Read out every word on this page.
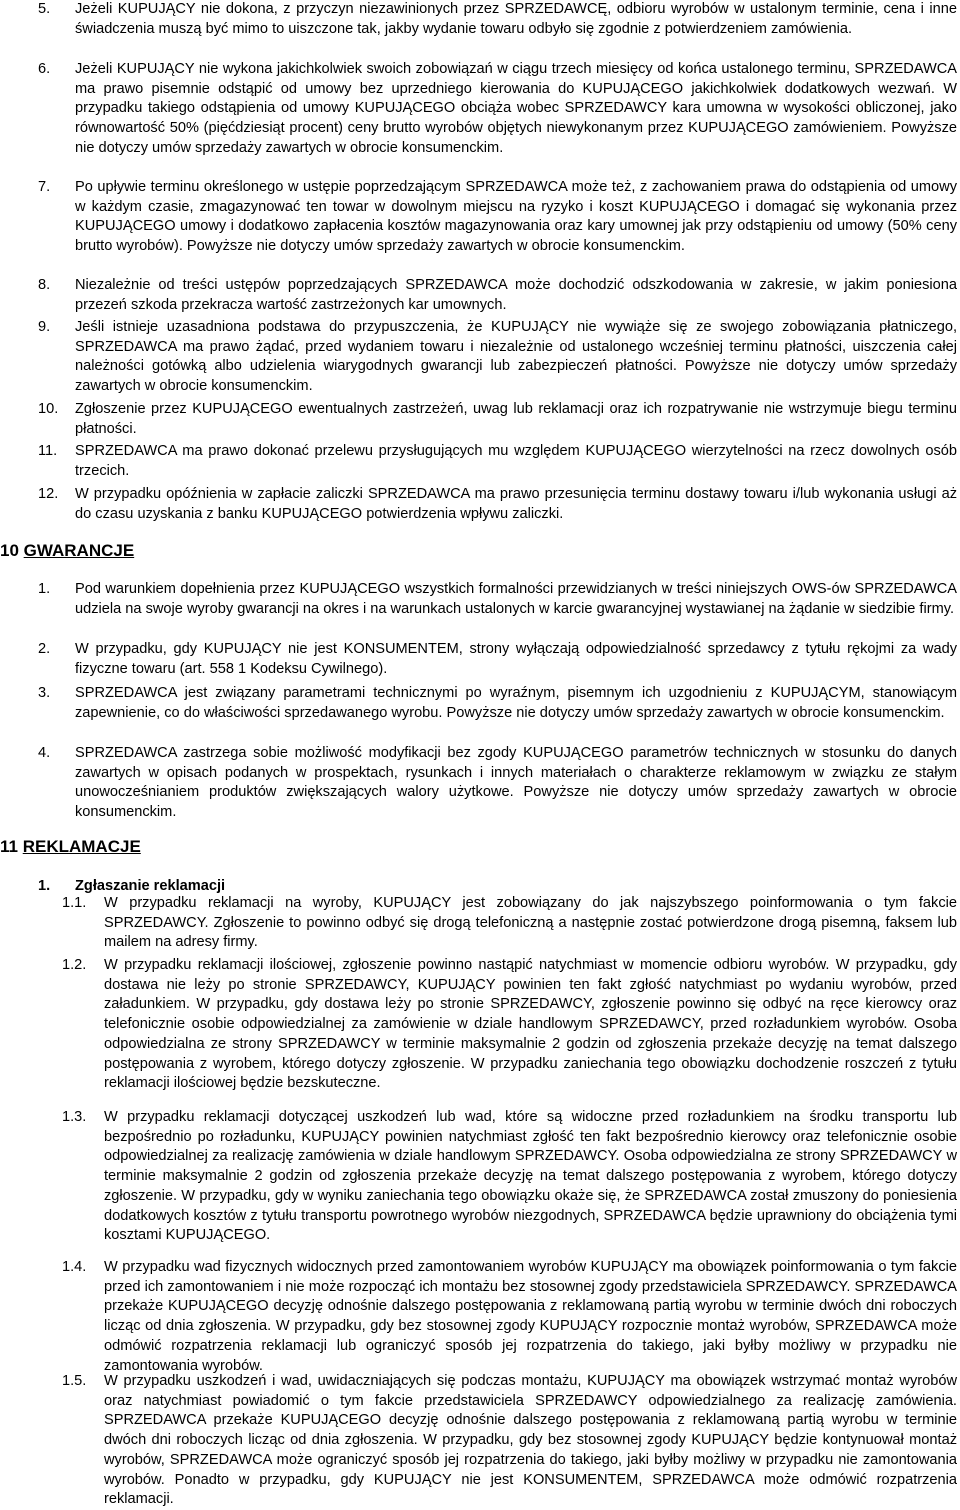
5. Jeżeli KUPUJĄCY nie dokona, z przyczyn niezawinionych przez SPRZEDAWCĘ, odbioru wyrobów w ustalonym terminie, cena i inne świadczenia muszą być mimo to uiszczone tak, jakby wydanie towaru odbyło się zgodnie z potwierdzeniem zamówienia.
6. Jeżeli KUPUJĄCY nie wykona jakichkolwiek swoich zobowiązań w ciągu trzech miesięcy od końca ustalonego terminu, SPRZEDAWCA ma prawo pisemnie odstąpić od umowy bez uprzedniego kierowania do KUPUJĄCEGO jakichkolwiek dodatkowych wezwań. W przypadku takiego odstąpienia od umowy KUPUJĄCEGO obciąża wobec SPRZEDAWCY kara umowna w wysokości obliczonej, jako równowartość 50% (pięćdziesiąt procent) ceny brutto wyrobów objętych niewykonanym przez KUPUJĄCEGO zamówieniem. Powyższe nie dotyczy umów sprzedaży zawartych w obrocie konsumenckim.
7. Po upływie terminu określonego w ustępie poprzedzającym SPRZEDAWCA może też, z zachowaniem prawa do odstąpienia od umowy w każdym czasie, zmagazynować ten towar w dowolnym miejscu na ryzyko i koszt KUPUJĄCEGO i domagać się wykonania przez KUPUJĄCEGO umowy i dodatkowo zapłacenia kosztów magazynowania oraz kary umownej jak przy odstąpieniu od umowy (50% ceny brutto wyrobów). Powyższe nie dotyczy umów sprzedaży zawartych w obrocie konsumenckim.
8. Niezależnie od treści ustępów poprzedzających SPRZEDAWCA może dochodzić odszkodowania w zakresie, w jakim poniesiona przezeń szkoda przekracza wartość zastrzeżonych kar umownych.
9. Jeśli istnieje uzasadniona podstawa do przypuszczenia, że KUPUJĄCY nie wywiąże się ze swojego zobowiązania płatniczego, SPRZEDAWCA ma prawo żądać, przed wydaniem towaru i niezależnie od ustalonego wcześniej terminu płatności, uiszczenia całej należności gotówką albo udzielenia wiarygodnych gwarancji lub zabezpieczeń płatności. Powyższe nie dotyczy umów sprzedaży zawartych w obrocie konsumenckim.
10. Zgłoszenie przez KUPUJĄCEGO ewentualnych zastrzeżeń, uwag lub reklamacji oraz ich rozpatrywanie nie wstrzymuje biegu terminu płatności.
11. SPRZEDAWCA ma prawo dokonać przelewu przysługujących mu względem KUPUJĄCEGO wierzytelności na rzecz dowolnych osób trzecich.
12. W przypadku opóźnienia w zapłacie zaliczki SPRZEDAWCA ma prawo przesunięcia terminu dostawy towaru i/lub wykonania usługi aż do czasu uzyskania z banku KUPUJĄCEGO potwierdzenia wpływu zaliczki.
10 GWARANCJE
1. Pod warunkiem dopełnienia przez KUPUJĄCEGO wszystkich formalności przewidzianych w treści niniejszych OWS-ów SPRZEDAWCA udziela na swoje wyroby gwarancji na okres i na warunkach ustalonych w karcie gwarancyjnej wystawianej na żądanie w siedzibie firmy.
2. W przypadku, gdy KUPUJĄCY nie jest KONSUMENTEM, strony wyłączają odpowiedzialność sprzedawcy z tytułu rękojmi za wady fizyczne towaru (art. 558 1 Kodeksu Cywilnego).
3. SPRZEDAWCA jest związany parametrami technicznymi po wyraźnym, pisemnym ich uzgodnieniu z KUPUJĄCYM, stanowiącym zapewnienie, co do właściwości sprzedawanego wyrobu. Powyższe nie dotyczy umów sprzedaży zawartych w obrocie konsumenckim.
4. SPRZEDAWCA zastrzega sobie możliwość modyfikacji bez zgody KUPUJĄCEGO parametrów technicznych w stosunku do danych zawartych w opisach podanych w prospektach, rysunkach i innych materiałach o charakterze reklamowym w związku ze stałym unowocześnianiem produktów zwiększających walory użytkowe. Powyższe nie dotyczy umów sprzedaży zawartych w obrocie konsumenckim.
11 REKLAMACJE
1. Zgłaszanie reklamacji
1.1. W przypadku reklamacji na wyroby, KUPUJĄCY jest zobowiązany do jak najszybszego poinformowania o tym fakcie SPRZEDAWCY. Zgłoszenie to powinno odbyć się drogą telefoniczną a następnie zostać potwierdzone drogą pisemną, faksem lub mailem na adresy firmy.
1.2. W przypadku reklamacji ilościowej, zgłoszenie powinno nastąpić natychmiast w momencie odbioru wyrobów. W przypadku, gdy dostawa nie leży po stronie SPRZEDAWCY, KUPUJĄCY powinien ten fakt zgłość natychmiast po wydaniu wyrobów, przed załadunkiem. W przypadku, gdy dostawa leży po stronie SPRZEDAWCY, zgłoszenie powinno się odbyć na ręce kierowcy oraz telefonicznie osobie odpowiedzialnej za zamówienie w dziale handlowym SPRZEDAWCY, przed rozładunkiem wyrobów. Osoba odpowiedzialna ze strony SPRZEDAWCY w terminie maksymalnie 2 godzin od zgłoszenia przekaże decyzję na temat dalszego postępowania z wyrobem, którego dotyczy zgłoszenie. W przypadku zaniechania tego obowiązku dochodzenie roszczeń z tytułu reklamacji ilościowej będzie bezskuteczne.
1.3. W przypadku reklamacji dotyczącej uszkodzeń lub wad, które są widoczne przed rozładunkiem na środku transportu lub bezpośrednio po rozładunku, KUPUJĄCY powinien natychmiast zgłość ten fakt bezpośrednio kierowcy oraz telefonicznie osobie odpowiedzialnej za realizację zamówienia w dziale handlowym SPRZEDAWCY. Osoba odpowiedzialna ze strony SPRZEDAWCY w terminie maksymalnie 2 godzin od zgłoszenia przekaże decyzję na temat dalszego postępowania z wyrobem, którego dotyczy zgłoszenie. W przypadku, gdy w wyniku zaniechania tego obowiązku okaże się, że SPRZEDAWCA został zmuszony do poniesienia dodatkowych kosztów z tytułu transportu powrotnego wyrobów niezgodnych, SPRZEDAWCA będzie uprawniony do obciążenia tymi kosztami KUPUJĄCEGO.
1.4. W przypadku wad fizycznych widocznych przed zamontowaniem wyrobów KUPUJĄCY ma obowiązek poinformowania o tym fakcie przed ich zamontowaniem i nie może rozpocząć ich montażu bez stosownej zgody przedstawiciela SPRZEDAWCY. SPRZEDAWCA przekaże KUPUJĄCEGO decyzję odnośnie dalszego postępowania z reklamowaną partią wyrobu w terminie dwóch dni roboczych licząc od dnia zgłoszenia. W przypadku, gdy bez stosownej zgody KUPUJĄCY rozpocznie montaż wyrobów, SPRZEDAWCA może odmówić rozpatrzenia reklamacji lub ograniczyć sposób jej rozpatrzenia do takiego, jaki byłby możliwy w przypadku nie zamontowania wyrobów.
1.5. W przypadku uszkodzeń i wad, uwidaczniających się podczas montażu, KUPUJĄCY ma obowiązek wstrzymać montaż wyrobów oraz natychmiast powiadomić o tym fakcie przedstawiciela SPRZEDAWCY odpowiedzialnego za realizację zamówienia. SPRZEDAWCA przekaże KUPUJĄCEGO decyzję odnośnie dalszego postępowania z reklamowaną partią wyrobu w terminie dwóch dni roboczych licząc od dnia zgłoszenia. W przypadku, gdy bez stosownej zgody KUPUJĄCY będzie kontynuował montaż wyrobów, SPRZEDAWCA może ograniczyć sposób jej rozpatrzenia do takiego, jaki byłby możliwy w przypadku nie zamontowania wyrobów. Ponadto w przypadku, gdy KUPUJĄCY nie jest KONSUMENTEM, SPRZEDAWCA może odmówić rozpatrzenia reklamacji.
